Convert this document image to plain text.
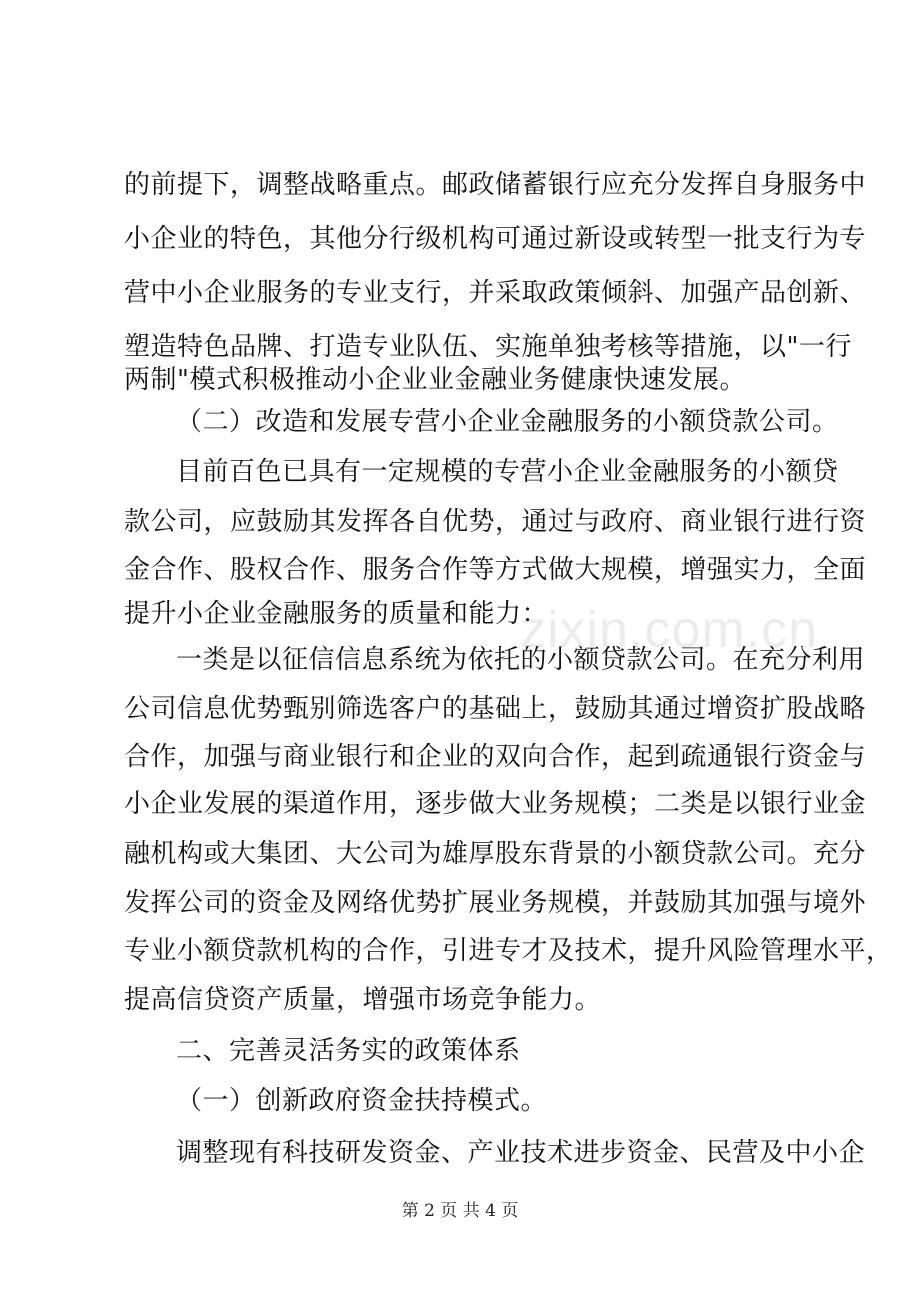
的前提下，调整战略重点。邮政储蓄银行应充分发挥自身服务中
小企业的特色，其他分行级机构可通过新设或转型一批支行为专
营中小企业服务的专业支行，并采取政策倾斜、加强产品创新、
塑造特色品牌、打造专业队伍、实施单独考核等措施，以"一行
两制"模式积极推动小企业业金融业务健康快速发展。
（二）改造和发展专营小企业金融服务的小额贷款公司。
目前百色已具有一定规模的专营小企业金融服务的小额贷
款公司，应鼓励其发挥各自优势，通过与政府、商业银行进行资
金合作、股权合作、服务合作等方式做大规模，增强实力，全面
提升小企业金融服务的质量和能力：
一类是以征信信息系统为依托的小额贷款公司。在充分利用
公司信息优势甄别筛选客户的基础上，鼓励其通过增资扩股战略
合作，加强与商业银行和企业的双向合作，起到疏通银行资金与
小企业发展的渠道作用，逐步做大业务规模；二类是以银行业金
融机构或大集团、大公司为雄厚股东背景的小额贷款公司。充分
发挥公司的资金及网络优势扩展业务规模，并鼓励其加强与境外
专业小额贷款机构的合作，引进专才及技术，提升风险管理水平，
提高信贷资产质量，增强市场竞争能力。
二、完善灵活务实的政策体系
（一）创新政府资金扶持模式。
调整现有科技研发资金、产业技术进步资金、民营及中小企
zixin.com.cn
第 2 页 共 4 页
